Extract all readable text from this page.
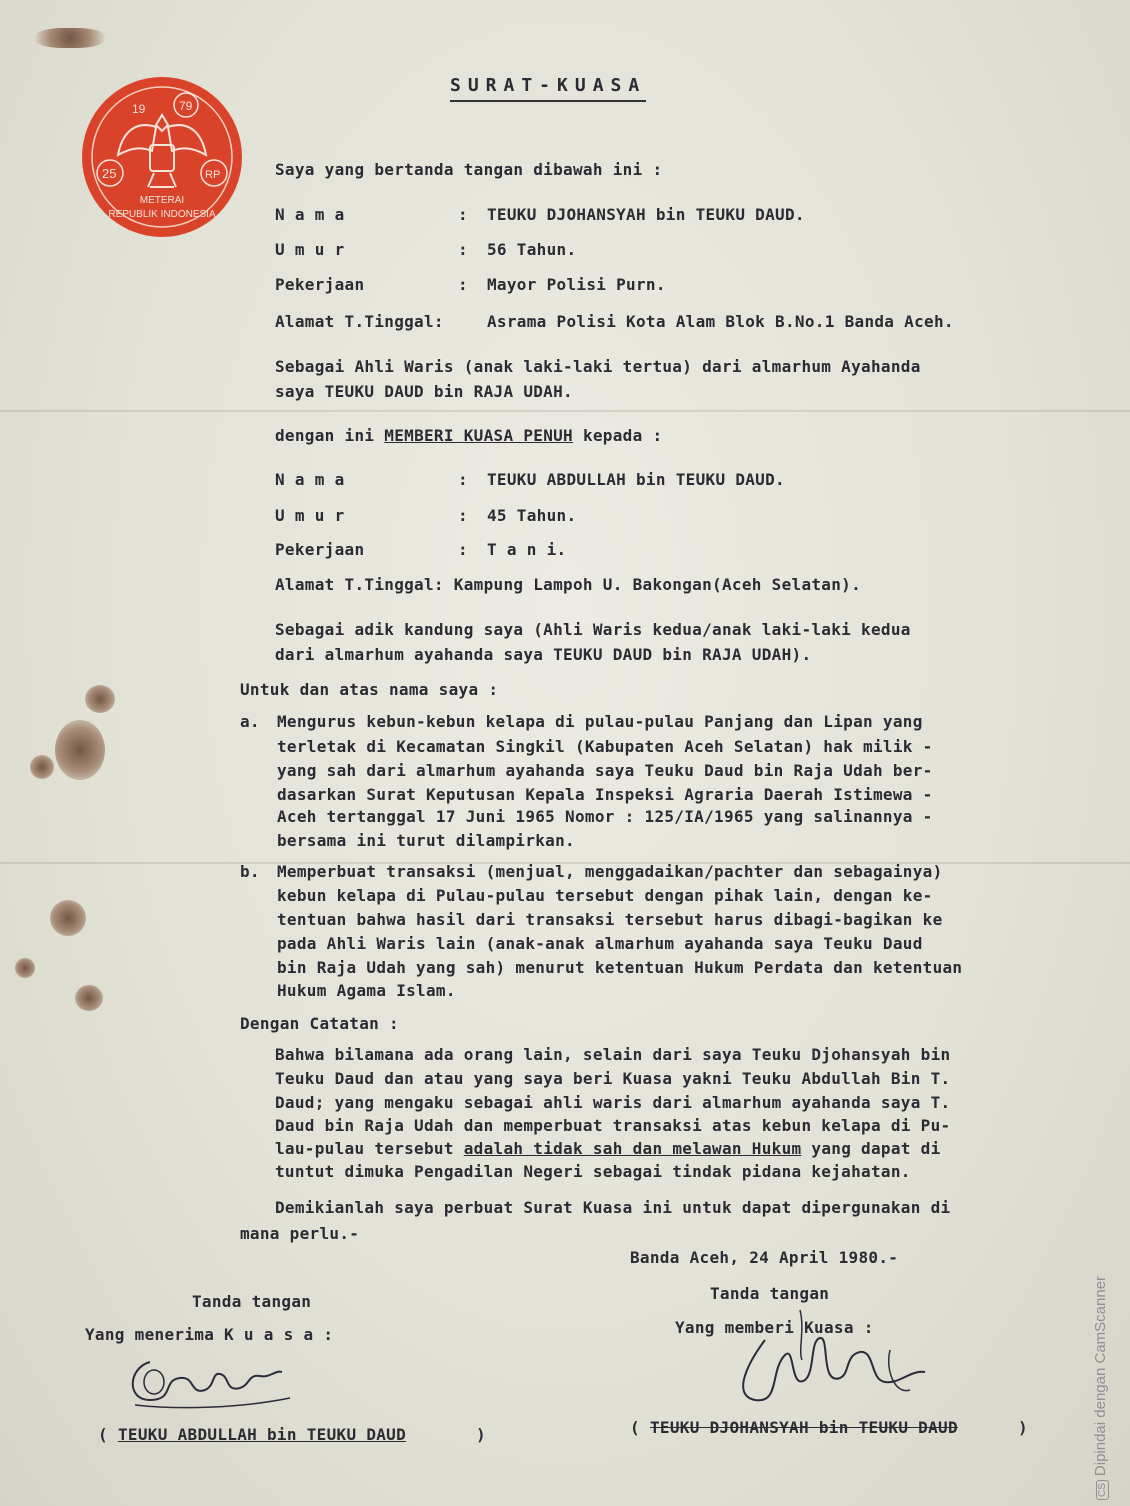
19	79
25	RP
METERAI
REPUBLIK INDONESIA
SURAT-KUASA
Saya yang bertanda tangan dibawah ini :
N a m a	: TEUKU DJOHANSYAH bin TEUKU DAUD.
U m u r	: 56 Tahun.
Pekerjaan	: Mayor Polisi Purn.
Alamat T.Tinggal:	Asrama Polisi Kota Alam Blok B.No.1 Banda Aceh.
Sebagai Ahli Waris (anak laki-laki tertua) dari almarhum Ayahanda
saya TEUKU DAUD bin RAJA UDAH.
dengan ini MEMBERI KUASA PENUH kepada :
N a m a	: TEUKU ABDULLAH bin TEUKU DAUD.
U m u r	: 45 Tahun.
Pekerjaan	: T a n i.
Alamat T.Tinggal: Kampung Lampoh U. Bakongan(Aceh Selatan).
Sebagai adik kandung saya (Ahli Waris kedua/anak laki-laki kedua
dari almarhum ayahanda saya TEUKU DAUD bin RAJA UDAH).
Untuk dan atas nama saya :
a. Mengurus kebun-kebun kelapa di pulau-pulau Panjang dan Lipan yang
terletak di Kecamatan Singkil (Kabupaten Aceh Selatan) hak milik -
yang sah dari almarhum ayahanda saya Teuku Daud bin Raja Udah ber-
dasarkan Surat Keputusan Kepala Inspeksi Agraria Daerah Istimewa -
Aceh tertanggal 17 Juni 1965 Nomor : 125/IA/1965 yang salinannya -
bersama ini turut dilampirkan.
b. Memperbuat transaksi (menjual, menggadaikan/pachter dan sebagainya)
kebun kelapa di Pulau-pulau tersebut dengan pihak lain, dengan ke-
tentuan bahwa hasil dari transaksi tersebut harus dibagi-bagikan ke
pada Ahli Waris lain (anak-anak almarhum ayahanda saya Teuku Daud
bin Raja Udah yang sah) menurut ketentuan Hukum Perdata dan ketentuan
Hukum Agama Islam.
Dengan Catatan :
Bahwa bilamana ada orang lain, selain dari saya Teuku Djohansyah bin
Teuku Daud dan atau yang saya beri Kuasa yakni Teuku Abdullah Bin T.
Daud; yang mengaku sebagai ahli waris dari almarhum ayahanda saya T.
Daud bin Raja Udah dan memperbuat transaksi atas kebun kelapa di Pu-
lau-pulau tersebut adalah tidak sah dan melawan Hukum yang dapat di
tuntut dimuka Pengadilan Negeri sebagai tindak pidana kejahatan.
Demikianlah saya perbuat Surat Kuasa ini untuk dapat dipergunakan di
mana perlu.-
Banda Aceh, 24 April 1980.-
Tanda tangan
Yang menerima K u a s a :
( TEUKU ABDULLAH bin TEUKU DAUD	)
Tanda tangan
Yang memberi Kuasa :
( TEUKU DJOHANSYAH bin TEUKU DAUD	)
CSDipindai dengan CamScanner
